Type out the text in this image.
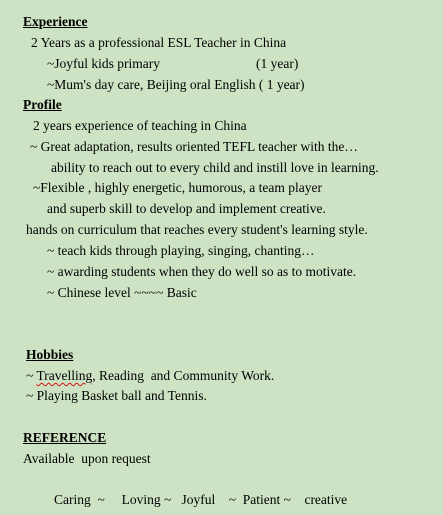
Experience
2 Years as a professional ESL Teacher in China
~Joyful kids primary	(1 year)
~Mum's day care, Beijing oral English ( 1 year)
Profile
2 years experience of teaching in China
~ Great adaptation, results oriented TEFL teacher with the…
ability to reach out to every child and instill love in learning.
~Flexible , highly energetic, humorous, a team player
and superb skill to develop and implement creative.
hands on curriculum that reaches every student's learning style.
~ teach kids through playing, singing, chanting…
~ awarding students when they do well so as to motivate.
~ Chinese level ~~~~ Basic
Hobbies
~ Travelling, Reading  and Community Work.
~ Playing Basket ball and Tennis.
REFERENCE
Available  upon request
Caring  ~     Loving ~   Joyful    ~  Patient ~    creative
